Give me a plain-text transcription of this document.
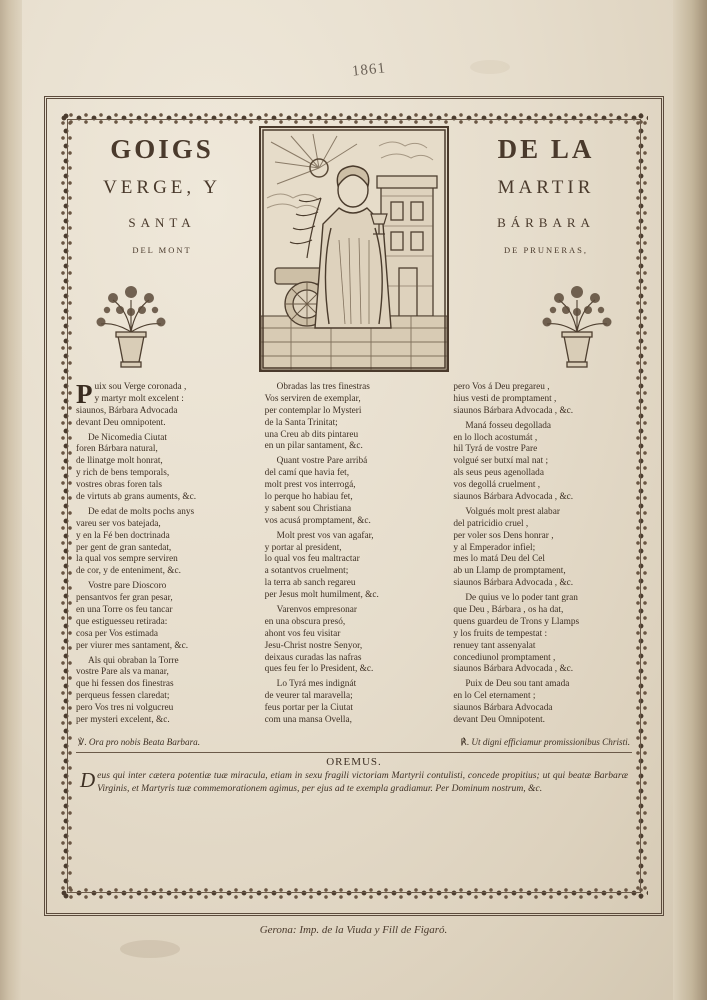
1861
GOIGS
VERGE, Y
SANTA
DEL MONT
DE LA
MARTIR
BÁRBARA
DE PRUNERAS,
P uix sou Verge coronada ,
y martyr molt excelent :
siaunos, Bárbara Advocada
devant Deu omnipotent.
De Nicomedia Ciutat
foren Bárbara natural,
de llinatge molt honrat,
y rich de bens temporals,
vostres obras foren tals
de virtuts ab grans auments, &c.
De edat de molts pochs anys
vareu ser vos batejada,
y en la Fé ben doctrinada
per gent de gran santedat,
la qual vos sempre serviren
de cor, y de enteniment, &c.
Vostre pare Dioscoro
pensantvos fer gran pesar,
en una Torre os feu tancar
que estiguesseu retirada:
cosa per Vos estimada
per viurer mes santament, &c.
Als qui obraban la Torre
vostre Pare als va manar,
que hi fessen dos finestras
perqueus fessen claredat;
pero Vos tres ni volgucreu
per mysteri excelent, &c.
Obradas las tres finestras
Vos serviren de exemplar,
per contemplar lo Mysteri
de la Santa Trinitat;
una Creu ab dits pintareu
en un pilar santament, &c.
Quant vostre Pare arribá
del camí que havia fet,
molt prest vos interrogá,
lo perque ho habiau fet,
y sabent sou Christiana
vos acusá promptament, &c.
Molt prest vos van agafar,
y portar al president,
lo qual vos feu maltractar
a sotantvos cruelment;
la terra ab sanch regareu
per Jesus molt humilment, &c.
Varenvos empresonar
en una obscura presó,
ahont vos feu visitar
Jesu-Christ nostre Senyor,
deixaus curadas las nafras
ques feu fer lo President, &c.
Lo Tyrá mes indignát
de veurer tal maravella;
feus portar per la Ciutat
com una mansa Ovella,
pero Vos á Deu pregareu ,
hius vesti de promptament ,
siaunos Bárbara Advocada , &c.
Maná fosseu degollada
en lo lloch acostumát ,
hil Tyrá de vostre Pare
volgué ser butxí mal nat ;
als seus peus agenollada
vos degollá cruelment ,
siaunos Bárbara Advocada , &c.
Volgués molt prest alabar
del patricidio cruel ,
per voler sos Dens honrar ,
y al Emperador infiel;
mes lo matá Deu del Cel
ab un Llamp de promptament,
siaunos Bárbara Advocada , &c.
De quius ve lo poder tant gran
que Deu , Bárbara , os ha dat,
quens guardeu de Trons y Llamps
y los fruits de tempestat :
renuey tant assenyalat
concediunol promptament ,
siaunos Bárbara Advocada , &c.
Puix de Deu sou tant amada
en lo Cel eternament ;
siaunos Bárbara Advocada
devant Deu Omnipotent.
℣. Ora pro nobis Beata Barbara.	℟. Ut digni efficiamur promissionibus Christi.
OREMUS.
Deus qui inter cætera potentiæ tuæ miracula, etiam in sexu fragili victoriam Martyrii contulisti, concede propitius; ut qui beatæ Barbaræ Virginis, et Martyris tuæ commemorationem agimus, per ejus ad te exempla gradiamur. Per Dominum nostrum, &c.
Gerona: Imp. de la Viuda y Fill de Figaró.
